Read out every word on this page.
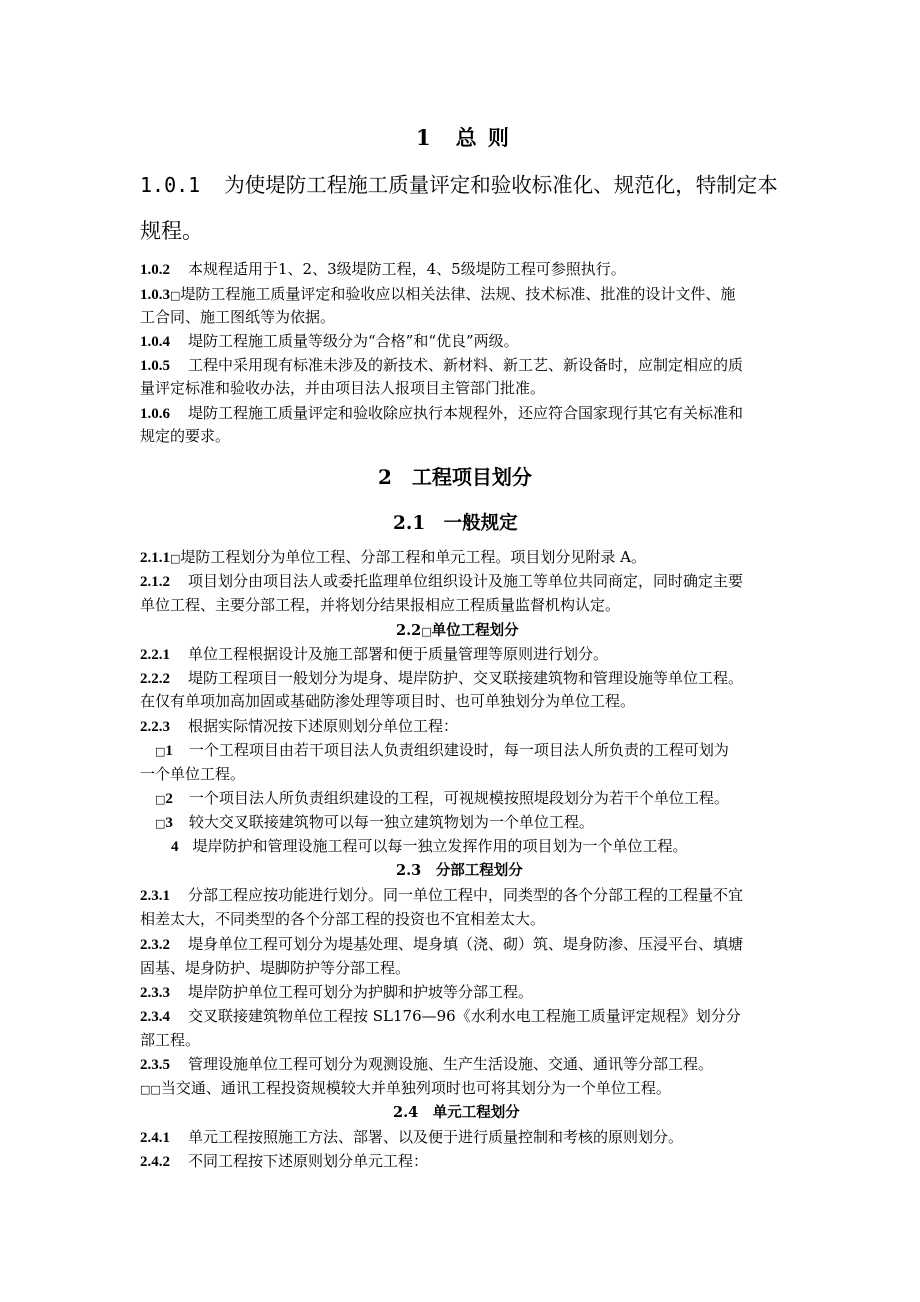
1　总 则
1.0.1 为使堤防工程施工质量评定和验收标准化、规范化，特制定本
规程。
1.0.2 本规程适用于1、2、3级堤防工程，4、5级堤防工程可参照执行。
1.0.3□堤防工程施工质量评定和验收应以相关法律、法规、技术标准、批准的设计文件、施
工合同、施工图纸等为依据。
1.0.4 堤防工程施工质量等级分为“合格”和“优良”两级。
1.0.5 工程中采用现有标准未涉及的新技术、新材料、新工艺、新设备时，应制定相应的质
量评定标准和验收办法，并由项目法人报项目主管部门批准。
1.0.6 堤防工程施工质量评定和验收除应执行本规程外，还应符合国家现行其它有关标准和
规定的要求。
2　工程项目划分
2.1　一般规定
2.1.1□堤防工程划分为单位工程、分部工程和单元工程。项目划分见附录 A。
2.1.2 项目划分由项目法人或委托监理单位组织设计及施工等单位共同商定，同时确定主要
单位工程、主要分部工程，并将划分结果报相应工程质量监督机构认定。
2.2□单位工程划分
2.2.1 单位工程根据设计及施工部署和便于质量管理等原则进行划分。
2.2.2 堤防工程项目一般划分为堤身、堤岸防护、交叉联接建筑物和管理设施等单位工程。
在仅有单项加高加固或基础防渗处理等项目时、也可单独划分为单位工程。
2.2.3 根据实际情况按下述原则划分单位工程：
□1 一个工程项目由若干项目法人负责组织建设时，每一项目法人所负责的工程可划为
一个单位工程。
□2 一个项目法人所负责组织建设的工程，可视规模按照堤段划分为若干个单位工程。
□3 较大交叉联接建筑物可以每一独立建筑物划为一个单位工程。
4 堤岸防护和管理设施工程可以每一独立发挥作用的项目划为一个单位工程。
2.3　分部工程划分
2.3.1 分部工程应按功能进行划分。同一单位工程中，同类型的各个分部工程的工程量不宜
相差太大，不同类型的各个分部工程的投资也不宜相差太大。
2.3.2 堤身单位工程可划分为堤基处理、堤身填（浇、砌）筑、堤身防渗、压浸平台、填塘
固基、堤身防护、堤脚防护等分部工程。
2.3.3 堤岸防护单位工程可划分为护脚和护坡等分部工程。
2.3.4 交叉联接建筑物单位工程按 SL176—96《水利水电工程施工质量评定规程》划分分
部工程。
2.3.5 管理设施单位工程可划分为观测设施、生产生活设施、交通、通讯等分部工程。
□□当交通、通讯工程投资规模较大并单独列项时也可将其划分为一个单位工程。
2.4　单元工程划分
2.4.1 单元工程按照施工方法、部署、以及便于进行质量控制和考核的原则划分。
2.4.2 不同工程按下述原则划分单元工程：
